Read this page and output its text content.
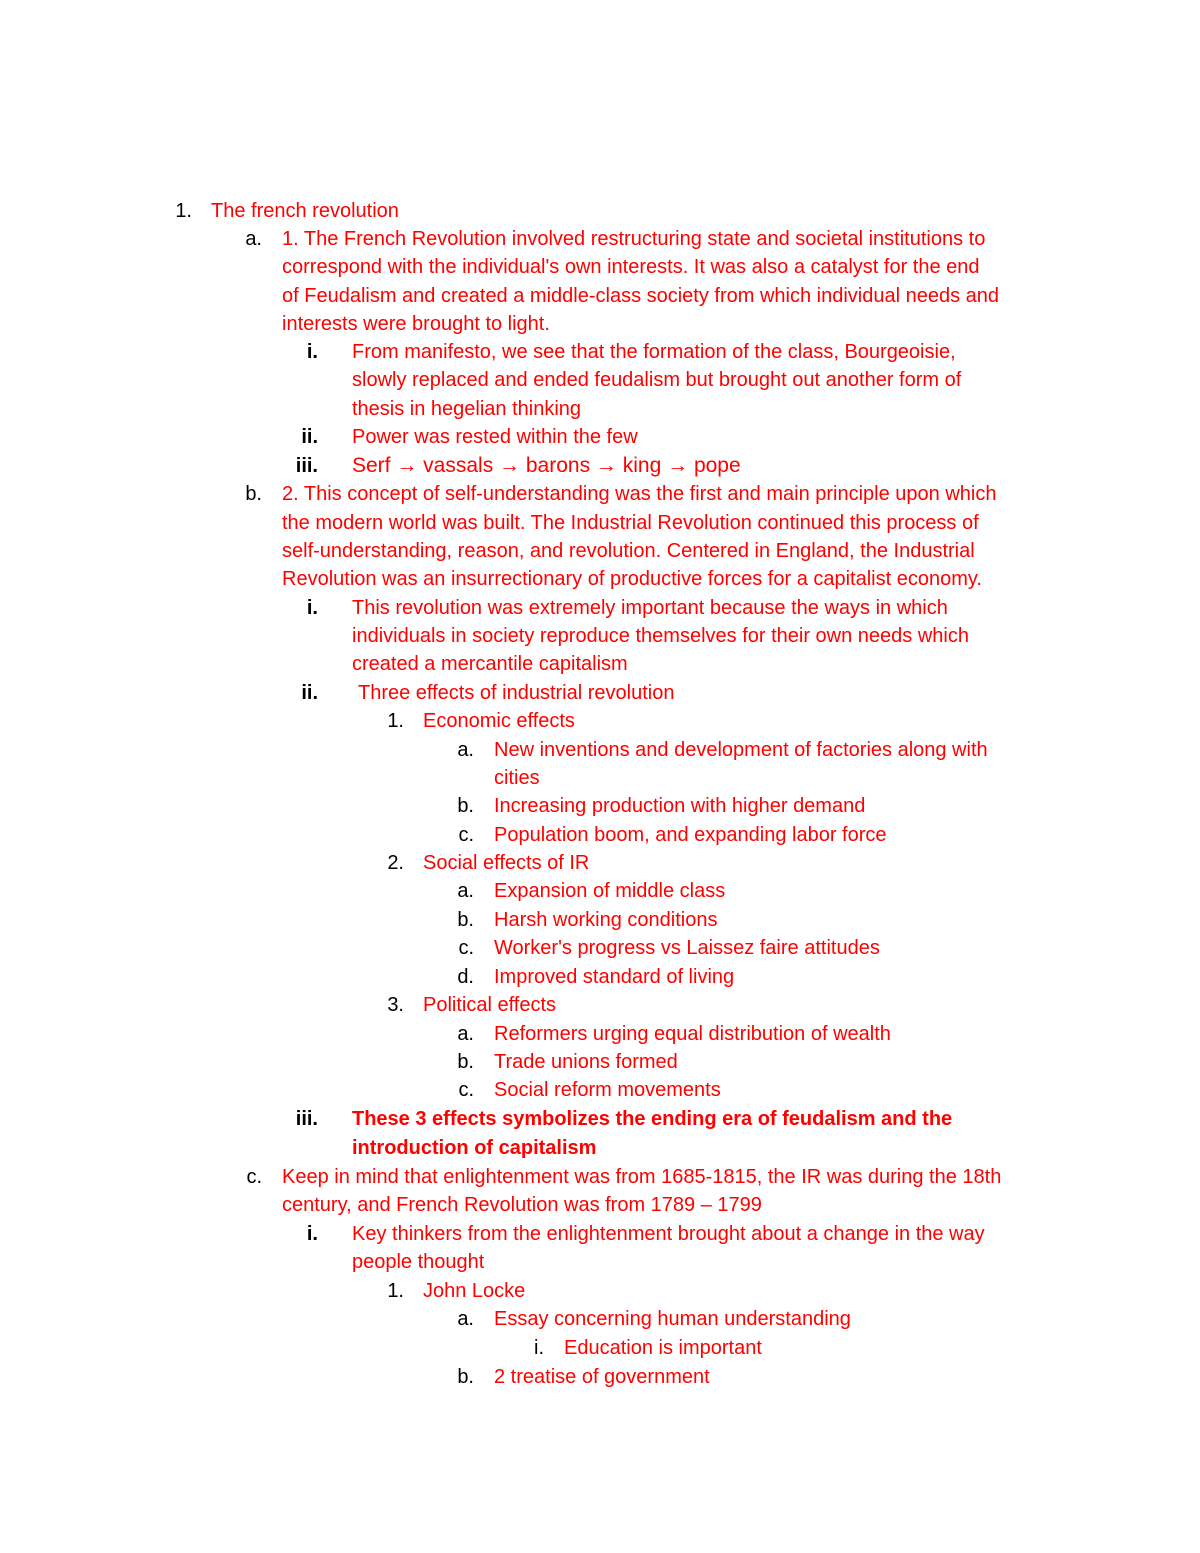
1. The french revolution
a. 1. The French Revolution involved restructuring state and societal institutions to
correspond with the individual's own interests. It was also a catalyst for the end
of Feudalism and created a middle-class society from which individual needs and
interests were brought to light.
i. From manifesto, we see that the formation of the class, Bourgeoisie,
slowly replaced and ended feudalism but brought out another form of
thesis in hegelian thinking
ii. Power was rested within the few
iii. Serf → vassals → barons → king → pope
b. 2. This concept of self-understanding was the first and main principle upon which
the modern world was built. The Industrial Revolution continued this process of
self-understanding, reason, and revolution. Centered in England, the Industrial
Revolution was an insurrectionary of productive forces for a capitalist economy.
i. This revolution was extremely important because the ways in which
individuals in society reproduce themselves for their own needs which
created a mercantile capitalism
ii. Three effects of industrial revolution
1. Economic effects
a. New inventions and development of factories along with
cities
b. Increasing production with higher demand
c. Population boom, and expanding labor force
2. Social effects of IR
a. Expansion of middle class
b. Harsh working conditions
c. Worker's progress vs Laissez faire attitudes
d. Improved standard of living
3. Political effects
a. Reformers urging equal distribution of wealth
b. Trade unions formed
c. Social reform movements
iii. These 3 effects symbolizes the ending era of feudalism and the
introduction of capitalism
c. Keep in mind that enlightenment was from 1685-1815, the IR was during the 18th
century, and French Revolution was from 1789 – 1799
i. Key thinkers from the enlightenment brought about a change in the way
people thought
1. John Locke
a. Essay concerning human understanding
i. Education is important
b. 2 treatise of government
